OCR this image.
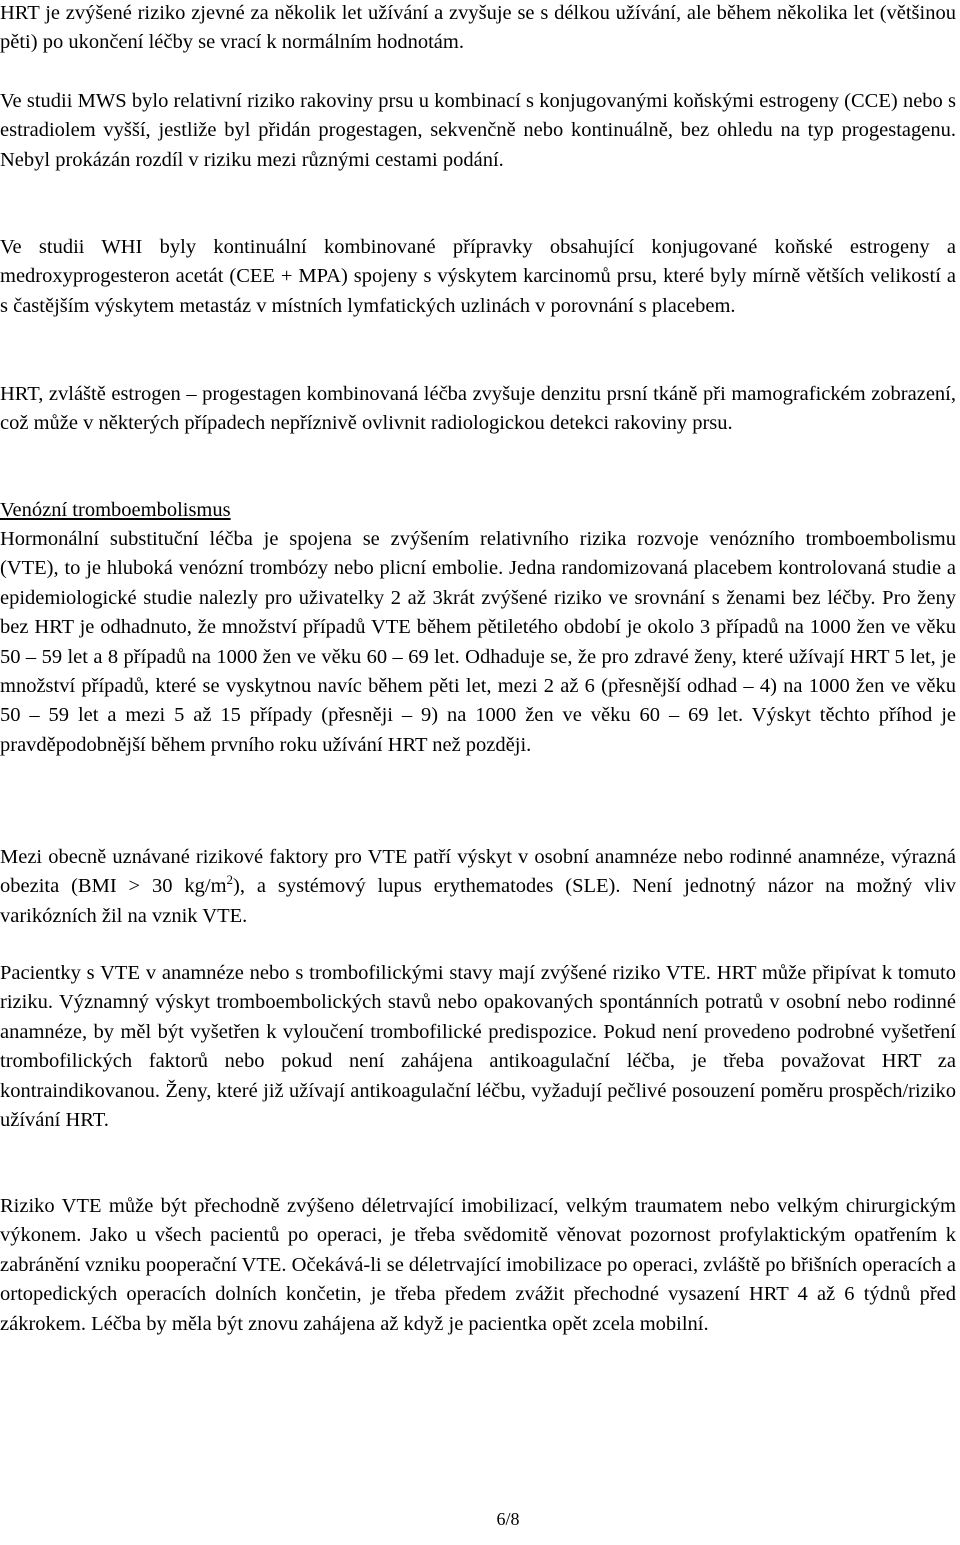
HRT je zvýšené riziko zjevné za několik let užívání a zvyšuje se s délkou užívání, ale během několika let (většinou pěti) po ukončení léčby se vrací k normálním hodnotám.

Ve studii MWS bylo relativní riziko rakoviny prsu u kombinací s konjugovanými koňskými estrogeny (CCE) nebo s estradiolem vyšší, jestliže byl přidán progestagen, sekvenčně nebo kontinuálně, bez ohledu na typ progestagenu. Nebyl prokázán rozdíl v riziku mezi různými cestami podání.

Ve studii WHI byly kontinuální kombinované přípravky obsahující konjugované koňské estrogeny a medroxyprogesteron acetát (CEE + MPA) spojeny s výskytem karcinomů prsu, které byly mírně větších velikostí a s častějším výskytem metastáz v místních lymfatických uzlinách v porovnání s placebem.

HRT, zvláště estrogen – progestagen kombinovaná léčba zvyšuje denzitu prsní tkáně při mamografickém zobrazení, což může v některých případech nepříznivě ovlivnit radiologickou detekci rakoviny prsu.

Venózní tromboembolismus

Hormonální substituční léčba je spojena se zvýšením relativního rizika rozvoje venózního tromboembolismu (VTE), to je hluboká venózní trombózy nebo plicní embolie. Jedna randomizovaná placebem kontrolovaná studie a epidemiologické studie nalezly pro uživatelky 2 až 3krát zvýšené riziko ve srovnání s ženami bez léčby. Pro ženy bez HRT je odhadnuto, že množství případů VTE během pětiletého období je okolo 3 případů na 1000 žen ve věku 50 – 59 let a 8 případů na 1000 žen ve věku 60 – 69 let. Odhaduje se, že pro zdravé ženy, které užívají HRT 5 let, je množství případů, které se vyskytnou navíc během pěti let, mezi 2 až 6 (přesnější odhad – 4) na 1000 žen ve věku 50 – 59 let a mezi 5 až 15 případy (přesněji – 9) na 1000 žen ve věku 60 – 69 let. Výskyt těchto příhod je pravděpodobnější během prvního roku užívání HRT než později.

Mezi obecně uznávané rizikové faktory pro VTE patří výskyt v osobní anamnéze nebo rodinné anamnéze, výrazná obezita (BMI > 30 $kg/m^2$), a systémový lupus erythematodes (SLE). Není jednotný názor na možný vliv varikózních žil na vznik VTE.

Pacientky s VTE v anamnéze nebo s trombofilickými stavy mají zvýšené riziko VTE. HRT může připívat k tomuto riziku. Významný výskyt tromboembolických stavů nebo opakovaných spontánních potratů v osobní nebo rodinné anamnéze, by měl být vyšetřen k vyloučení trombofilické predispozice. Pokud není provedeno podrobné vyšetření trombofilických faktorů nebo pokud není zahájena antikoagulační léčba, je třeba považovat HRT za kontraindikovanou. Ženy, které již užívají antikoagulační léčbu, vyžadují pečlivé posouzení poměru prospěch/riziko užívání HRT.

Riziko VTE může být přechodně zvýšeno déletrvající imobilizací, velkým traumatem nebo velkým chirurgickým výkonem. Jako u všech pacientů po operaci, je třeba svědomitě věnovat pozornost profylaktickým opatřením k zabránění vzniku pooperační VTE. Očekává-li se déletrvající imobilizace po operaci, zvláště po břišních operacích a ortopedických operacích dolních končetin, je třeba předem zvážit přechodné vysazení HRT 4 až 6 týdnů před zákrokem. Léčba by měla být znovu zahájena až když je pacientka opět zcela mobilní.

6/8
